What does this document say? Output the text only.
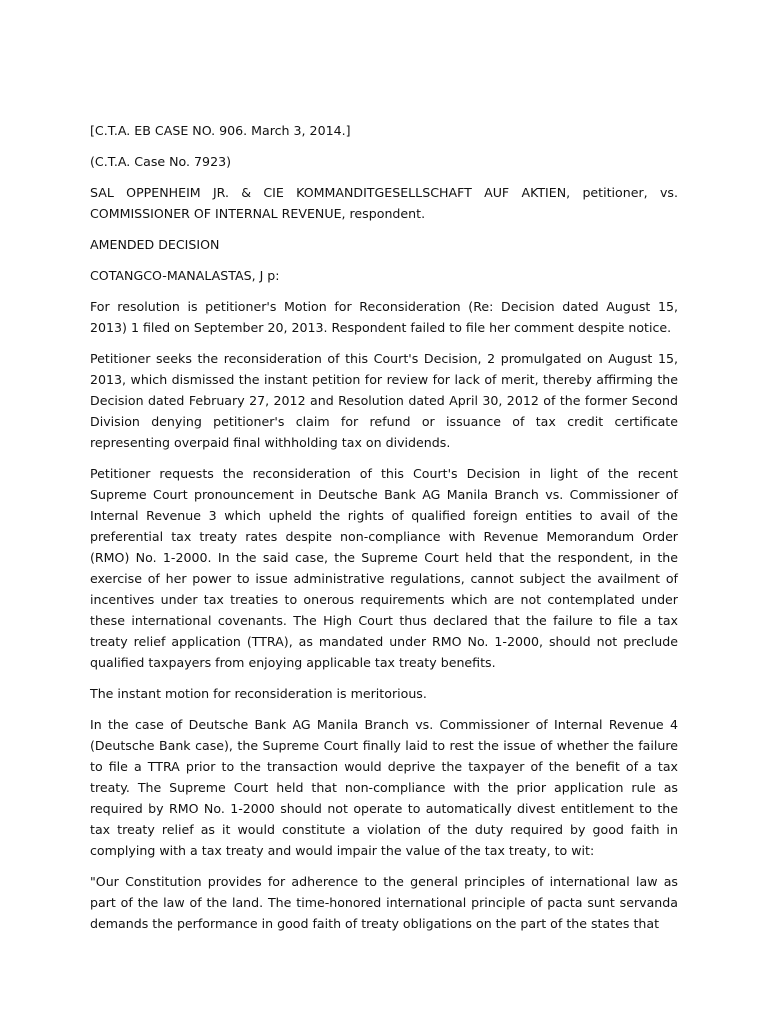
[C.T.A. EB CASE NO. 906. March 3, 2014.]

(C.T.A. Case No. 7923)

SAL OPPENHEIM JR. & CIE KOMMANDITGESELLSCHAFT AUF AKTIEN, petitioner, vs. COMMISSIONER OF INTERNAL REVENUE, respondent.

AMENDED DECISION

COTANGCO-MANALASTAS, J p:

For resolution is petitioner's Motion for Reconsideration (Re: Decision dated August 15, 2013) 1 filed on September 20, 2013. Respondent failed to file her comment despite notice.

Petitioner seeks the reconsideration of this Court's Decision, 2 promulgated on August 15, 2013, which dismissed the instant petition for review for lack of merit, thereby affirming the Decision dated February 27, 2012 and Resolution dated April 30, 2012 of the former Second Division denying petitioner's claim for refund or issuance of tax credit certificate representing overpaid final withholding tax on dividends.

Petitioner requests the reconsideration of this Court's Decision in light of the recent Supreme Court pronouncement in Deutsche Bank AG Manila Branch vs. Commissioner of Internal Revenue 3 which upheld the rights of qualified foreign entities to avail of the preferential tax treaty rates despite non-compliance with Revenue Memorandum Order (RMO) No. 1-2000. In the said case, the Supreme Court held that the respondent, in the exercise of her power to issue administrative regulations, cannot subject the availment of incentives under tax treaties to onerous requirements which are not contemplated under these international covenants. The High Court thus declared that the failure to file a tax treaty relief application (TTRA), as mandated under RMO No. 1-2000, should not preclude qualified taxpayers from enjoying applicable tax treaty benefits.

The instant motion for reconsideration is meritorious.

In the case of Deutsche Bank AG Manila Branch vs. Commissioner of Internal Revenue 4 (Deutsche Bank case), the Supreme Court finally laid to rest the issue of whether the failure to file a TTRA prior to the transaction would deprive the taxpayer of the benefit of a tax treaty. The Supreme Court held that non-compliance with the prior application rule as required by RMO No. 1-2000 should not operate to automatically divest entitlement to the tax treaty relief as it would constitute a violation of the duty required by good faith in complying with a tax treaty and would impair the value of the tax treaty, to wit:

"Our Constitution provides for adherence to the general principles of international law as part of the law of the land. The time-honored international principle of pacta sunt servanda demands the performance in good faith of treaty obligations on the part of the states that
